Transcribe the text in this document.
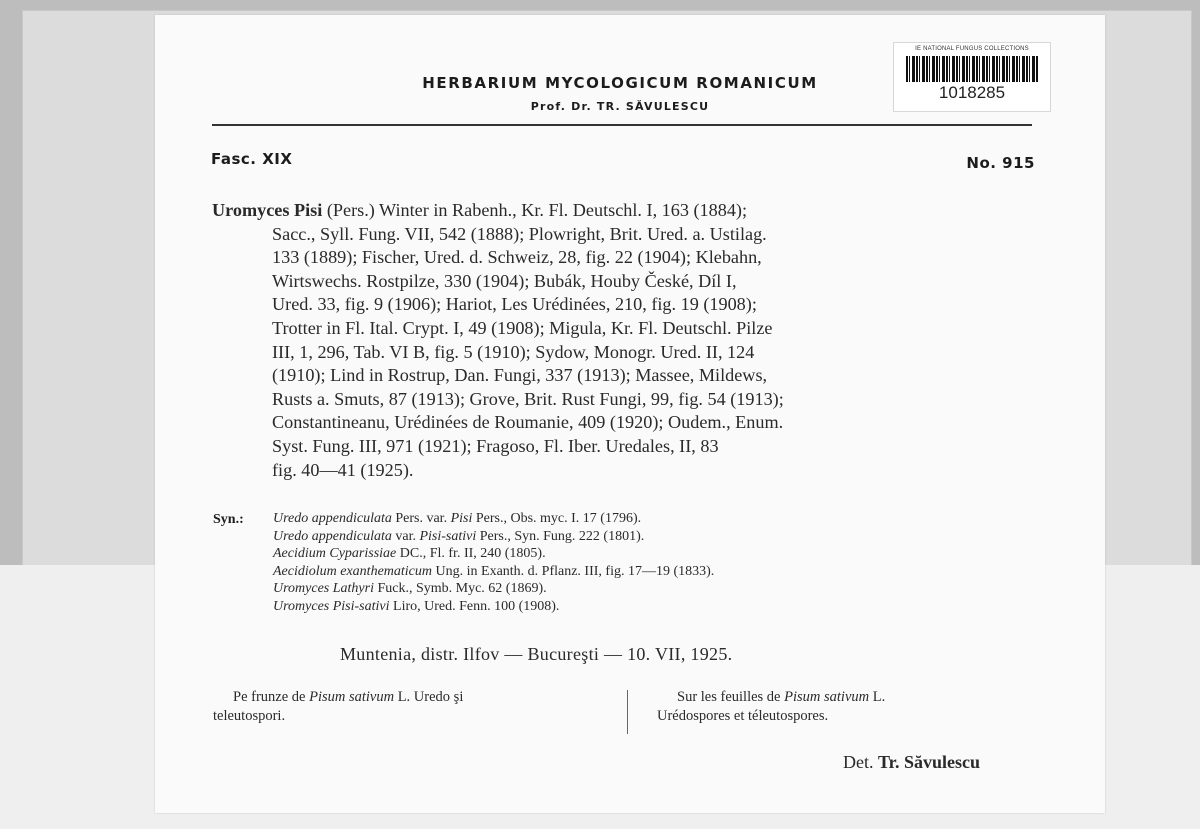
IE NATIONAL FUNGUS COLLECTIONS
1018285
HERBARIUM MYCOLOGICUM ROMANICUM
Prof. Dr. TR. SĂVULESCU
Fasc. XIX	No. 915
Uromyces Pisi (Pers.) Winter in Rabenh., Kr. Fl. Deutschl. I, 163 (1884);
Sacc., Syll. Fung. VII, 542 (1888); Plowright, Brit. Ured. a. Ustilag.
133 (1889); Fischer, Ured. d. Schweiz, 28, fig. 22 (1904); Klebahn,
Wirtswechs. Rostpilze, 330 (1904); Bubák, Houby České, Díl I,
Ured. 33, fig. 9 (1906); Hariot, Les Urédinées, 210, fig. 19 (1908);
Trotter in Fl. Ital. Crypt. I, 49 (1908); Migula, Kr. Fl. Deutschl. Pilze
III, 1, 296, Tab. VI B, fig. 5 (1910); Sydow, Monogr. Ured. II, 124
(1910); Lind in Rostrup, Dan. Fungi, 337 (1913); Massee, Mildews,
Rusts a. Smuts, 87 (1913); Grove, Brit. Rust Fungi, 99, fig. 54 (1913);
Constantineanu, Urédinées de Roumanie, 409 (1920); Oudem., Enum.
Syst. Fung. III, 971 (1921); Fragoso, Fl. Iber. Uredales, II, 83
fig. 40—41 (1925).
Syn.: Uredo appendiculata Pers. var. Pisi Pers., Obs. myc. I. 17 (1796).
Uredo appendiculata var. Pisi-sativi Pers., Syn. Fung. 222 (1801).
Aecidium Cyparissiae DC., Fl. fr. II, 240 (1805).
Aecidiolum exanthematicum Ung. in Exanth. d. Pflanz. III, fig. 17—19 (1833).
Uromyces Lathyri Fuck., Symb. Myc. 62 (1869).
Uromyces Pisi-sativi Liro, Ured. Fenn. 100 (1908).
Muntenia, distr. Ilfov — Bucureşti — 10. VII, 1925.
Pe frunze de Pisum sativum L. Uredo şi
teleutospori.
Sur les feuilles de Pisum sativum L.
Urédospores et téleutospores.
Det. Tr. Săvulescu
